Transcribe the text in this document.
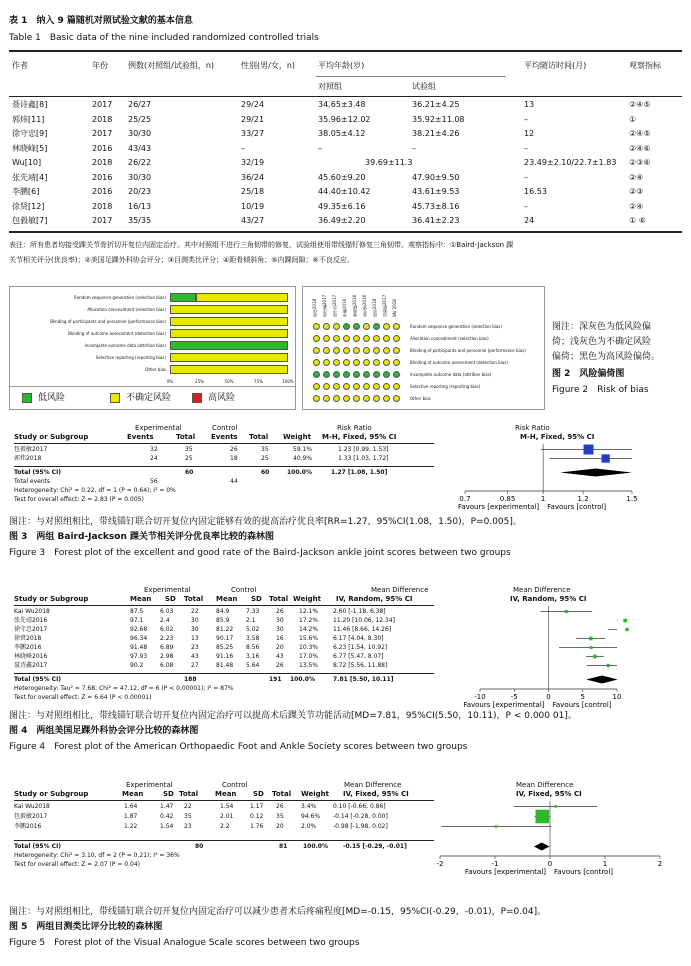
表 1　纳入 9 篇随机对照试验文献的基本信息
Table 1　Basic data of the nine included randomized controlled trials
作者	年份	例数(对照组/试验组，n)	性别(男/女，n)	平均年龄(岁)	平均随访时间(月)	观察指标
对照组	试验组
聂诗鑫[8]	2017 26/27	29/24	34.65±3.48	36.21±4.25	13	②④⑤
郭炜[11]	2018 25/25	29/21	35.96±12.02	35.92±11.08	–	①
徐守忠[9]	2017 30/30	33/27	38.05±4.12	38.21±4.26	12	②④⑤
林晓峰[5]	2016 43/43	–	–	–	–	②④⑥
Wu[10]	2018 26/22	32/19	39.69±11.3	23.49±2.10/22.7±1.83 ②③⑥
张先靖[4]	2016 30/30	36/24	45.60±9.20	47.90±9.50	–	②④
李鹏[6]	2016 20/23	25/18	44.40±10.42	43.61±9.53	16.53	②③
徐贤[12]	2018 16/13	10/19	49.35±6.16	45.73±8.16	–	②④
包毅敏[7]	2017 35/35	43/27	36.49±2.20	36.41±2.23	24	① ⑥
表注：所有患者均接受踝关节骨折切开复位内固定治疗。其中对照组不进行三角韧带的修复，试验组使用带线锚钉修复三角韧带。观察指标中：①Baird-Jackson 踝
关节相关评分(优良率)；②美国足踝外科协会评分；③目测类比评分；④距骨倾斜角；⑤内踝间隙；⑥不良反应。
Random sequence generation (selection bias)
Allocation concealment (selection bias)
Blinding of participants and personnel (performance bias)
Blinding of outcome assessment (detection bias)
Incomplete outcome data (attrition bias)
Selective reporting (reporting bias)
Other bias
0%	25%	50%	75%	100%
郭炜2018 聂诗鑫2017 徐守忠2017 李鹏2016 林晓峰2016 张先靖2016 徐贤2018 包毅敏2017 Wu 2018
Random sequence generation (selection bias)
Allocation concealment (selection bias)
Blinding of participants and personnel (performance bias)
Blinding of outcome assessment (detection bias)
Incomplete outcome data (attrition bias)
Selective reporting (reporting bias)
Other bias
低风险	不确定风险	高风险
图注：深灰色为低风险偏
倚；浅灰色为不确定风险
偏倚；黑色为高风险偏倚。
图 2　风险偏倚图
Figure 2　Risk of bias
Experimental	Control	Risk Ratio	Risk Ratio
Study or Subgroup	Events	Total Events Total Weight M-H, Fixed, 95% CI	M-H, Fixed, 95% CI
包毅敏2017	32	35	26	35	59.1%	1.23 [0.99, 1.53]
郭炜2018	24	25	18	25	40.9%	1.33 [1.03, 1.72]
Total (95% CI)	60	60	100.0%	1.27 [1.08, 1.50]
Total events	56	44
Heterogeneity: Chi² = 0.22, df = 1 (P = 0.64); I² = 0%
Test for overall effect: Z = 2.83 (P = 0.005)	0.7	0.85	1	1.2	1.5
Favours [experimental] Favours [control]
图注：与对照组相比，带线锚钉联合切开复位内固定能够有效的提高治疗优良率[RR=1.27，95%CI(1.08，1.50)，P=0.005]。
图 3　两组 Baird-Jackson 踝关节相关评分优良率比较的森林图
Figure 3　Forest plot of the excellent and good rate of the Baird-Jackson ankle joint scores between two groups
Experimental	Control	Mean Difference	Mean Difference
Study or Subgroup	Mean SD Total Mean SD Total Weight IV, Random, 95% CI	IV, Random, 95% CI
Kai Wu2018	87.5	6.03	22	84.9	7.33	26	12.1% 2.60 [-1.18, 6.38]
张先靖2016	97.1	2.4	30	85.9	2.1	30	17.2% 11.20 [10.06, 12.34]
徐守忠2017	92.68 6.02	30	81.22 5.02	30	14.2% 11.46 [8.66, 14.26]
徐贤2018	96.34 2.23	13	90.17 3.58	16	15.6% 6.17 [4.04, 8.30]
李鹏2016	91.48 6.89	23	85.25 8.56	20	10.3% 6.23 [1.54, 10.92]
林晓峰2016	97.93 2.98	43	91.16 3.16	43	17.0% 6.77 [5.47, 8.07]
聂诗鑫2017	90.2	6.08	27	81.48 5.64	26	13.5% 8.72 [5.56, 11.88]
Total (95% CI)	188	191 100.0%	7.81 [5.50, 10.11]
Heterogeneity: Tau² = 7.68; Chi² = 47.12, df = 6 (P < 0.00001); I² = 87%
Test for overall effect: Z = 6.64 (P < 0.00001)	-10	-5	0	5	10
Favours [experimental] Favours [control]
图注：与对照组相比，带线锚钉联合切开复位内固定治疗可以提高术后踝关节功能活动[MD=7.81，95%CI(5.50，10.11)，P < 0.000 01]。
图 4　两组美国足踝外科协会评分比较的森林图
Figure 4　Forest plot of the American Orthopaedic Foot and Ankle Society scores between two groups
Experimental	Control	Mean Difference	Mean Difference
Study or Subgroup	Mean	SD Total Mean SD Total Weight IV, Fixed, 95% CI	IV, Fixed, 95% CI
Kai Wu2018	1.64	1.47 22	1.54	1.17 26	3.4%	0.10 [-0.66, 0.86]
包毅敏2017	1.87	0.42 35	2.01	0.12 35	94.6% -0.14 [-0.28, 0.00]
李鹏2016	1.22	1.54 23	2.2	1.76 20	2.0%	-0.98 [-1.98, 0.02]
Total (95% CI)	80	81	100.0%	-0.15 [-0.29, -0.01]
Heterogeneity: Chi² = 3.10, df = 2 (P = 0.21); I² = 36%
Test for overall effect: Z = 2.07 (P = 0.04)	-2	-1	0	1	2
Favours [experimental] Favours [control]
图注：与对照组相比，带线锚钉联合切开复位内固定治疗可以减少患者术后疼痛程度[MD=-0.15，95%CI(-0.29，-0.01)，P=0.04]。
图 5　两组目测类比评分比较的森林图
Figure 5　Forest plot of the Visual Analogue Scale scores between two groups
